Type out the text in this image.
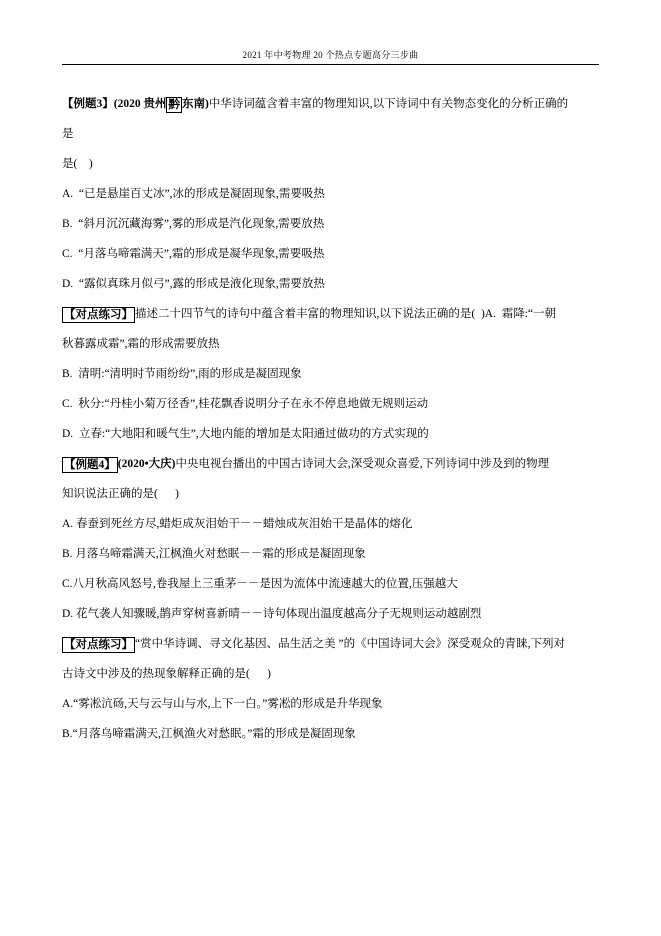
2021 年中考物理 20 个热点专题高分三步曲

【例题3】(2020 贵州 黔 东南)中华诗词蕴含着丰富的物理知识,以下诗词中有关物态变化的分析正确的

是

是(    )

A.  “已是悬崖百丈冰”,冰的形成是凝固现象,需要吸热

B.  “斜月沉沉藏海雾”,雾的形成是汽化现象,需要放热

C.  “月落乌啼霜满天”,霜的形成是凝华现象,需要吸热

D.  “露似真珠月似弓”,露的形成是液化现象,需要放热

【对点练习】 描述二十四节气的诗句中蕴含着丰富的物理知识,以下说法正确的是(  )A.  霜降:“一朝

秋暮露成霜”,霜的形成需要放热

B.  清明:“清明时节雨纷纷”,雨的形成是凝固现象

C.  秋分:“丹桂小菊万径香”,桂花飘香说明分子在永不停息地做无规则运动

D.  立春:“大地阳和暖气生”,大地内能的增加是太阳通过做功的方式实现的

【例题4】 (2020•大庆)中央电视台播出的中国古诗词大会,深受观众喜爱,下列诗词中涉及到的物理

知识说法正确的是(      )

A. 春蚕到死丝方尽,蜡炬成灰泪始干－－蜡烛成灰泪始干是晶体的熔化

B. 月落乌啼霜满天,江枫渔火对愁眠－－霜的形成是凝固现象

C.八月秋高风怒号,卷我屋上三重茅－－是因为流体中流速越大的位置,压强越大

D. 花气袭人知骤暖,鹊声穿树喜新晴－－诗句体现出温度越高分子无规则运动越剧烈

【对点练习】 “赏中华诗调、寻文化基因、品生活之美 ”的《中国诗词大会》深受观众的青睐,下列对

古诗文中涉及的热现象解释正确的是(      )

A.“雾凇沆砀,天与云与山与水,上下一白。”雾凇的形成是升华现象

B.“月落乌啼霜满天,江枫渔火对愁眠。”霜的形成是凝固现象
